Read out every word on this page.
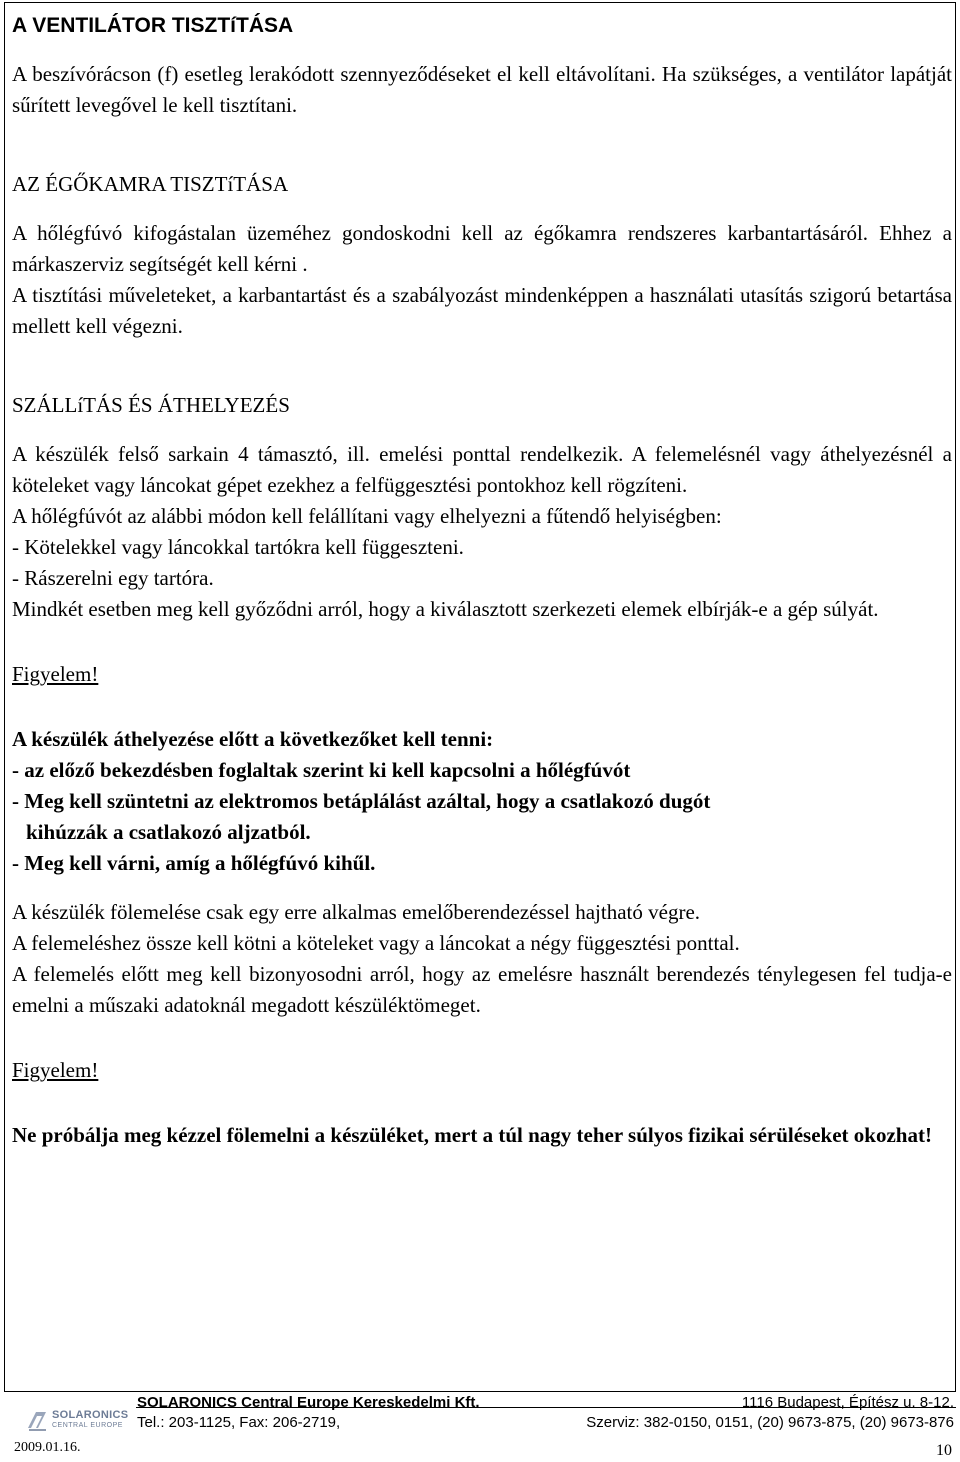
A VENTILÁTOR TISZTíTÁSA

A beszívórácson (f) esetleg lerakódott szennyeződéseket el kell eltávolítani. Ha szükséges, a ventilátor lapátját sűrített levegővel le kell tisztítani.

AZ ÉGŐKAMRA TISZTíTÁSA

A hőlégfúvó kifogástalan üzeméhez gondoskodni kell az égőkamra rendszeres karbantartásáról. Ehhez a márkaszerviz segítségét kell kérni .

A tisztítási műveleteket, a karbantartást és a szabályozást mindenképpen a használati utasítás szigorú betartása mellett kell végezni.

SZÁLLíTÁS ÉS ÁTHELYEZÉS

A készülék felső sarkain 4 támasztó, ill. emelési ponttal rendelkezik. A felemelésnél vagy áthelyezésnél a köteleket vagy láncokat gépet ezekhez a felfüggesztési pontokhoz kell rögzíteni.

A hőlégfúvót az alábbi módon kell felállítani vagy elhelyezni a fűtendő helyiségben:

- Kötelekkel vagy láncokkal tartókra kell függeszteni.

- Rászerelni egy tartóra.

Mindkét esetben meg kell győződni arról, hogy a kiválasztott szerkezeti elemek elbírják-e a gép súlyát.

Figyelem!

A készülék áthelyezése előtt a következőket kell tenni:

- az előző bekezdésben foglaltak szerint ki kell kapcsolni a hőlégfúvót

- Meg kell szüntetni az elektromos betáplálást azáltal, hogy a csatlakozó dugót

kihúzzák a csatlakozó aljzatból.

- Meg kell várni, amíg a hőlégfúvó kihűl.

A készülék fölemelése csak egy erre alkalmas emelőberendezéssel hajtható végre.

A felemeléshez össze kell kötni a köteleket vagy a láncokat a négy függesztési ponttal.

A felemelés előtt meg kell bizonyosodni arról, hogy az emelésre használt berendezés ténylegesen fel tudja-e emelni a műszaki adatoknál megadott készüléktömeget.

Figyelem!

Ne próbálja meg kézzel fölemelni a készüléket, mert a túl nagy teher súlyos fizikai sérüléseket okozhat!

SOLARONICS
CENTRAL EUROPE
SOLARONICS Central Europe Kereskedelmi Kft.	1116 Budapest, Építész u. 8-12.
Tel.: 203-1125, Fax: 206-2719,	Szerviz: 382-0150, 0151, (20) 9673-875, (20) 9673-876
2009.01.16.	10
